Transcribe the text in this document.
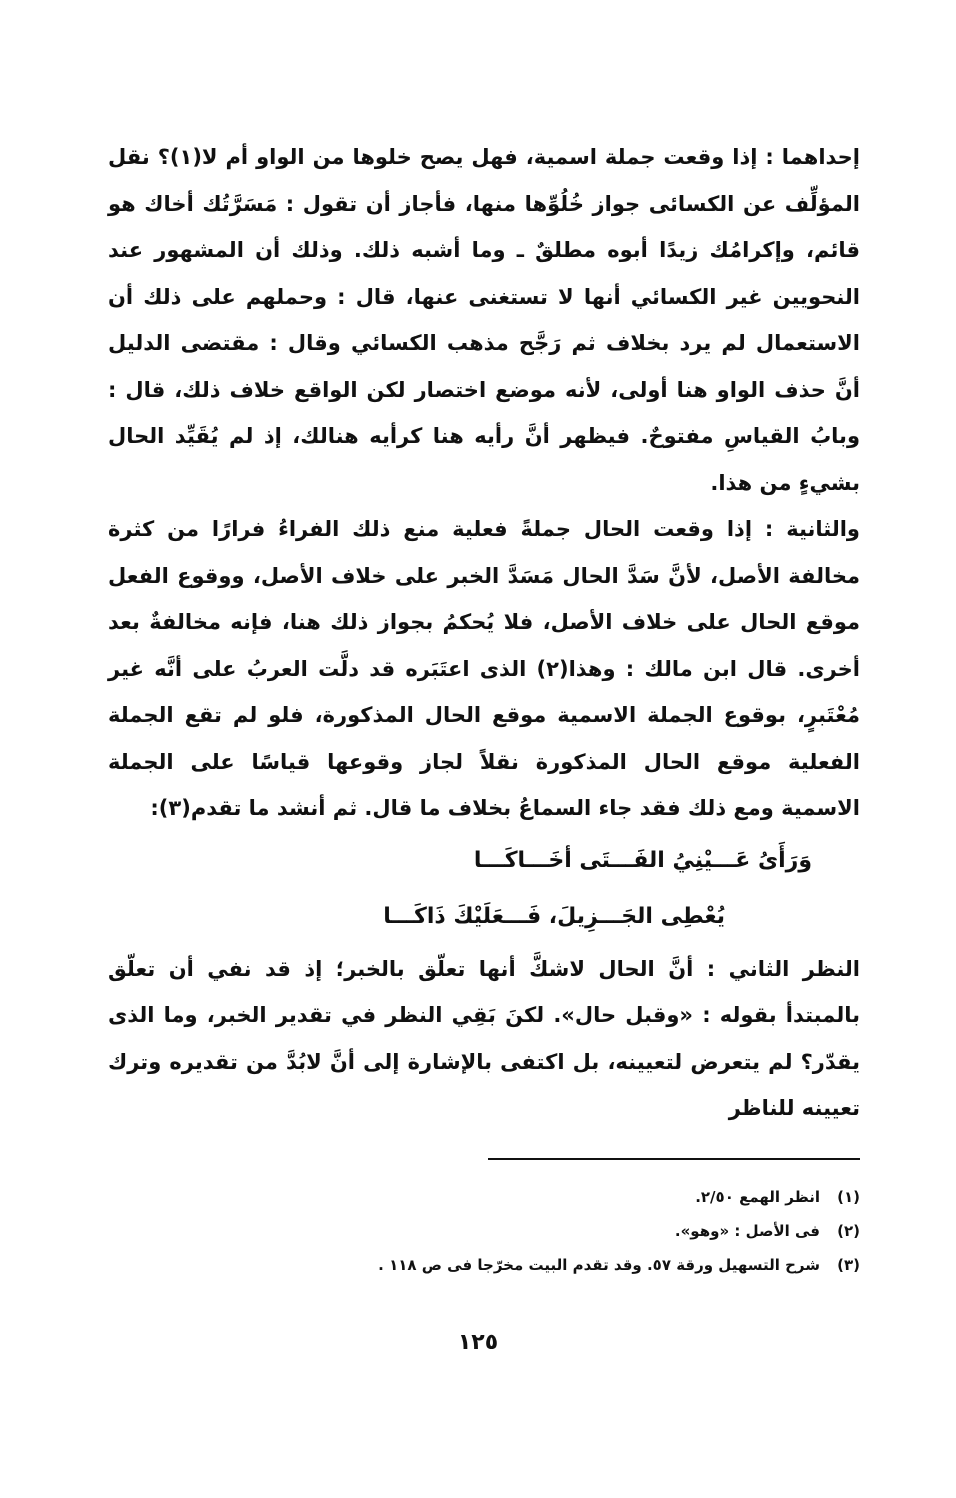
إحداهما : إذا وقعت جملة اسمية، فهل يصح خلوها من الواو أم لا(١)؟ نقل المؤلِّف عن الكسائى جواز خُلُوِّها منها، فأجاز أن تقول : مَسَرَّتُك أخاك هو قائم، وإكرامُك زيدًا أبوه مطلقٌ ـ وما أشبه ذلك. وذلك أن المشهور عند النحويين غير الكسائي أنها لا تستغنى عنها، قال : وحملهم على ذلك أن الاستعمال لم يرد بخلاف ثم رَجَّح مذهب الكسائي وقال : مقتضى الدليل أنَّ حذف الواو هنا أولى، لأنه موضع اختصار لكن الواقع خلاف ذلك، قال : وبابُ القياسِ مفتوحٌ. فيظهر أنَّ رأيه هنا كرأيه هنالك، إذ لم يُقَيِّد الحال بشيءٍ من هذا.

والثانية : إذا وقعت الحال جملةً فعلية منع ذلك الفراءُ فرارًا من كثرة مخالفة الأصل، لأنَّ سَدَّ الحال مَسَدَّ الخبر على خلاف الأصل، ووقوع الفعل موقع الحال على خلاف الأصل، فلا يُحكمُ بجواز ذلك هنا، فإنه مخالفةٌ بعد أخرى. قال ابن مالك : وهذا(٢) الذى اعتَبَره قد دلَّت العربُ على أنَّه غير مُعْتَبرٍ، بوقوع الجملة الاسمية موقع الحال المذكورة، فلو لم تقع الجملة الفعلية موقع الحال المذكورة نقلاً لجاز وقوعها قياسًا على الجملة الاسمية ومع ذلك فقد جاء السماعُ بخلاف ما قال. ثم أنشد ما تقدم(٣):

وَرَأَىُ عَـــيْنِيُ الفَـــتَى أخَـــاكَـــا
يُعْطِى الجَـــزِيلَ، فَـــعَلَيْكَ ذَاكَـــا

النظر الثاني : أنَّ الحال لاشكَّ أنها تعلّق بالخبر؛ إذ قد نفي أن تعلّق بالمبتدأ بقوله : «وقبل حال». لكنَ بَقِي النظر في تقدير الخبر، وما الذى يقدّر؟ لم يتعرض لتعيينه، بل اكتفى بالإشارة إلى أنَّ لابُدَّ من تقديره وترك تعيينه للناظر

(١)
انظر الهمع ٢/٥٠.
(٢)
فى الأصل : «وهو».
(٣)
شرح التسهيل ورقة ٥٧. وقد تقدم البيت مخرّجا فى ص ١١٨ .
١٢٥
